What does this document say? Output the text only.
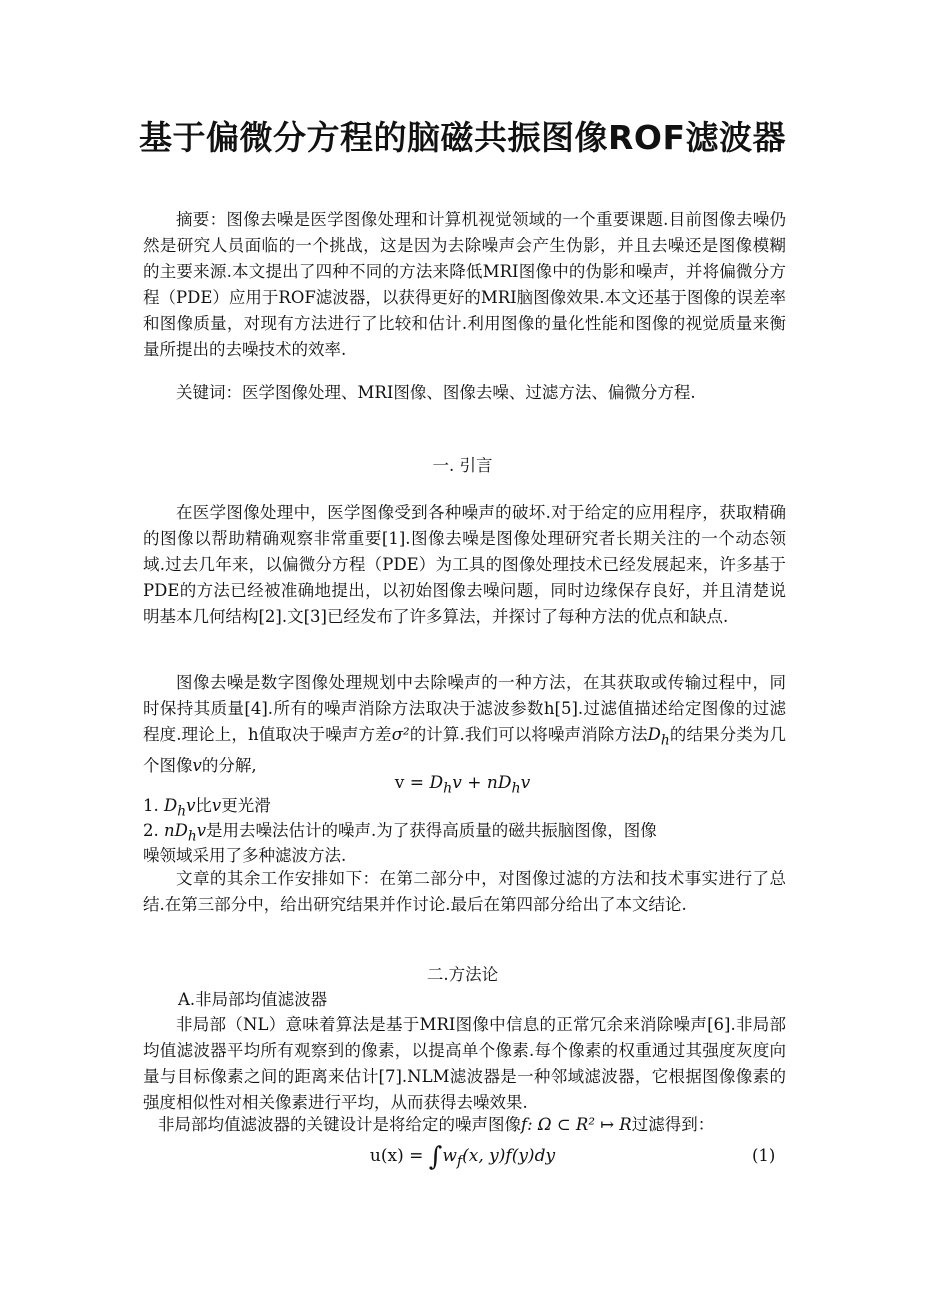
基于偏微分方程的脑磁共振图像ROF滤波器
摘要：图像去噪是医学图像处理和计算机视觉领域的一个重要课题.目前图像去噪仍然是研究人员面临的一个挑战，这是因为去除噪声会产生伪影，并且去噪还是图像模糊的主要来源.本文提出了四种不同的方法来降低MRI图像中的伪影和噪声，并将偏微分方程（PDE）应用于ROF滤波器，以获得更好的MRI脑图像效果.本文还基于图像的误差率和图像质量，对现有方法进行了比较和估计.利用图像的量化性能和图像的视觉质量来衡量所提出的去噪技术的效率.
关键词：医学图像处理、MRI图像、图像去噪、过滤方法、偏微分方程.
一. 引言
在医学图像处理中，医学图像受到各种噪声的破坏.对于给定的应用程序，获取精确的图像以帮助精确观察非常重要[1].图像去噪是图像处理研究者长期关注的一个动态领域.过去几年来，以偏微分方程（PDE）为工具的图像处理技术已经发展起来，许多基于PDE的方法已经被准确地提出，以初始图像去噪问题，同时边缘保存良好，并且清楚说明基本几何结构[2].文[3]已经发布了许多算法，并探讨了每种方法的优点和缺点.
图像去噪是数字图像处理规划中去除噪声的一种方法，在其获取或传输过程中，同时保持其质量[4].所有的噪声消除方法取决于滤波参数h[5].过滤值描述给定图像的过滤程度.理论上，h值取决于噪声方差σ²的计算.我们可以将噪声消除方法$D_h$的结果分类为几个图像v的分解,
$v = D_hv + nD_hv$
1. $D_hv$比v更光滑
2. $nD_hv$是用去噪法估计的噪声.为了获得高质量的磁共振脑图像，图像
噪领域采用了多种滤波方法.
文章的其余工作安排如下：在第二部分中，对图像过滤的方法和技术事实进行了总结.在第三部分中，给出研究结果并作讨论.最后在第四部分给出了本文结论.
二.方法论
A.非局部均值滤波器
非局部（NL）意味着算法是基于MRI图像中信息的正常冗余来消除噪声[6].非局部均值滤波器平均所有观察到的像素，以提高单个像素.每个像素的权重通过其强度灰度向量与目标像素之间的距离来估计[7].NLM滤波器是一种邻域滤波器，它根据图像像素的强度相似性对相关像素进行平均，从而获得去噪效果.
非局部均值滤波器的关键设计是将给定的噪声图像f: Ω ⊂ R² ↦ R过滤得到：
$u(x) = \int w_f(x$, y)f(y)dy	(1)
